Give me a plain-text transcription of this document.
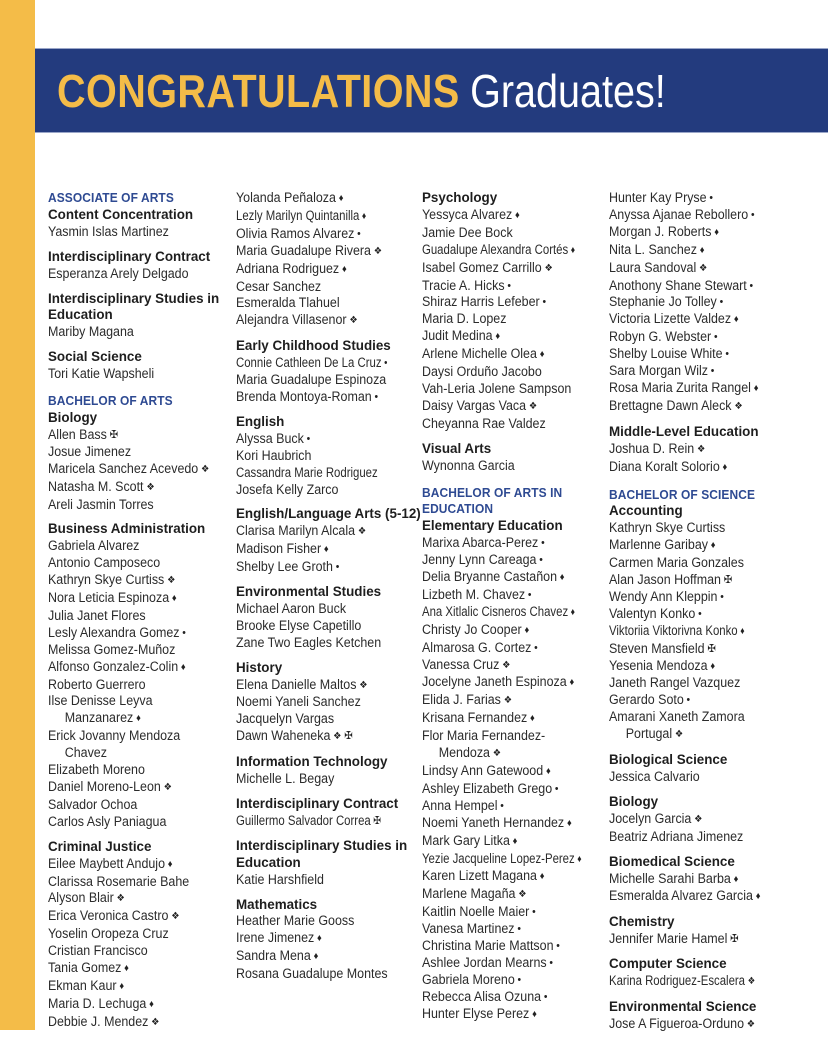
CONGRATULATIONS Graduates!
ASSOCIATE OF ARTS
Content Concentration
Yasmin Islas Martinez
Interdisciplinary Contract
Esperanza Arely Delgado
Interdisciplinary Studies in Education
Mariby Magana
Social Science
Tori Katie Wapsheli
BACHELOR OF ARTS
Biology
Allen Bass ✠
Josue Jimenez
Maricela Sanchez Acevedo ❖
Natasha M. Scott ❖
Areli Jasmin Torres
Business Administration
Gabriela Alvarez
Antonio Camposeco
Kathryn Skye Curtiss ❖
Nora Leticia Espinoza ♦
Julia Janet Flores
Lesly Alexandra Gomez •
Melissa Gomez-Muñoz
Alfonso Gonzalez-Colin ♦
Roberto Guerrero
Ilse Denisse Leyva
Manzanarez ♦
Erick Jovanny Mendoza
Chavez
Elizabeth Moreno
Daniel Moreno-Leon ❖
Salvador Ochoa
Carlos Asly Paniagua
Criminal Justice
Eilee Maybett Andujo ♦
Clarissa Rosemarie Bahe
Alyson Blair ❖
Erica Veronica Castro ❖
Yoselin Oropeza Cruz
Cristian Francisco
Tania Gomez ♦
Ekman Kaur ♦
Maria D. Lechuga ♦
Debbie J. Mendez ❖
Yolanda Peñaloza ♦
Lezly Marilyn Quintanilla ♦
Olivia Ramos Alvarez •
Maria Guadalupe Rivera ❖
Adriana Rodriguez ♦
Cesar Sanchez
Esmeralda Tlahuel
Alejandra Villasenor ❖
Early Childhood Studies
Connie Cathleen De La Cruz •
Maria Guadalupe Espinoza
Brenda Montoya-Roman •
English
Alyssa Buck •
Kori Haubrich
Cassandra Marie Rodriguez
Josefa Kelly Zarco
English/Language Arts (5-12)
Clarisa Marilyn Alcala ❖
Madison Fisher ♦
Shelby Lee Groth •
Environmental Studies
Michael Aaron Buck
Brooke Elyse Capetillo
Zane Two Eagles Ketchen
History
Elena Danielle Maltos ❖
Noemi Yaneli Sanchez
Jacquelyn Vargas
Dawn Waheneka ❖ ✠
Information Technology
Michelle L. Begay
Interdisciplinary Contract
Guillermo Salvador Correa ✠
Interdisciplinary Studies in Education
Katie Harshfield
Mathematics
Heather Marie Gooss
Irene Jimenez ♦
Sandra Mena ♦
Rosana Guadalupe Montes
Psychology
Yessyca Alvarez ♦
Jamie Dee Bock
Guadalupe Alexandra Cortés ♦
Isabel Gomez Carrillo ❖
Tracie A. Hicks •
Shiraz Harris Lefeber •
Maria D. Lopez
Judit Medina ♦
Arlene Michelle Olea ♦
Daysi Orduño Jacobo
Vah-Leria Jolene Sampson
Daisy Vargas Vaca ❖
Cheyanna Rae Valdez
Visual Arts
Wynonna Garcia
BACHELOR OF ARTS IN EDUCATION
Elementary Education
Marixa Abarca-Perez •
Jenny Lynn Careaga •
Delia Bryanne Castañon ♦
Lizbeth M. Chavez •
Ana Xitlalic Cisneros Chavez ♦
Christy Jo Cooper ♦
Almarosa G. Cortez •
Vanessa Cruz ❖
Jocelyne Janeth Espinoza ♦
Elida J. Farias ❖
Krisana Fernandez ♦
Flor Maria Fernandez-
Mendoza ❖
Lindsy Ann Gatewood ♦
Ashley Elizabeth Grego •
Anna Hempel •
Noemi Yaneth Hernandez ♦
Mark Gary Litka ♦
Yezie Jacqueline Lopez-Perez ♦
Karen Lizett Magana ♦
Marlene Magaña ❖
Kaitlin Noelle Maier •
Vanesa Martinez •
Christina Marie Mattson •
Ashlee Jordan Mearns •
Gabriela Moreno •
Rebecca Alisa Ozuna •
Hunter Elyse Perez ♦
Hunter Kay Pryse •
Anyssa Ajanae Rebollero •
Morgan J. Roberts ♦
Nita L. Sanchez ♦
Laura Sandoval ❖
Anothony Shane Stewart •
Stephanie Jo Tolley •
Victoria Lizette Valdez ♦
Robyn G. Webster •
Shelby Louise White •
Sara Morgan Wilz •
Rosa Maria Zurita Rangel ♦
Brettagne Dawn Aleck ❖
Middle-Level Education
Joshua D. Rein ❖
Diana Koralt Solorio ♦
BACHELOR OF SCIENCE
Accounting
Kathryn Skye Curtiss
Marlenne Garibay ♦
Carmen Maria Gonzales
Alan Jason Hoffman ✠
Wendy Ann Kleppin •
Valentyn Konko •
Viktoriia Viktorivna Konko ♦
Steven Mansfield ✠
Yesenia Mendoza ♦
Janeth Rangel Vazquez
Gerardo Soto •
Amarani Xaneth Zamora
Portugal ❖
Biological Science
Jessica Calvario
Biology
Jocelyn Garcia ❖
Beatriz Adriana Jimenez
Biomedical Science
Michelle Sarahi Barba ♦
Esmeralda Alvarez Garcia ♦
Chemistry
Jennifer Marie Hamel ✠
Computer Science
Karina Rodriguez-Escalera ❖
Environmental Science
Jose A Figueroa-Orduno ❖
